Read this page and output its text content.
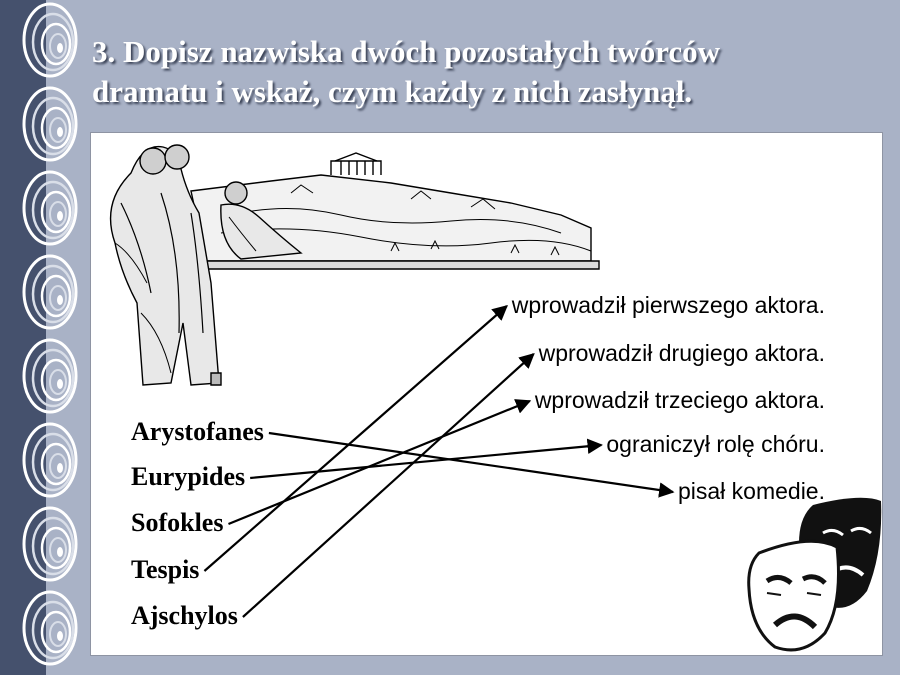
3. Dopisz nazwiska dwóch pozostałych twórców
dramatu i wskaż, czym każdy z nich zasłynął.
Arystofanes
Eurypides
Sofokles
Tespis
Ajschylos
wprowadził pierwszego aktora.
wprowadził drugiego aktora.
wprowadził trzeciego aktora.
ograniczył rolę chóru.
pisał komedie.
